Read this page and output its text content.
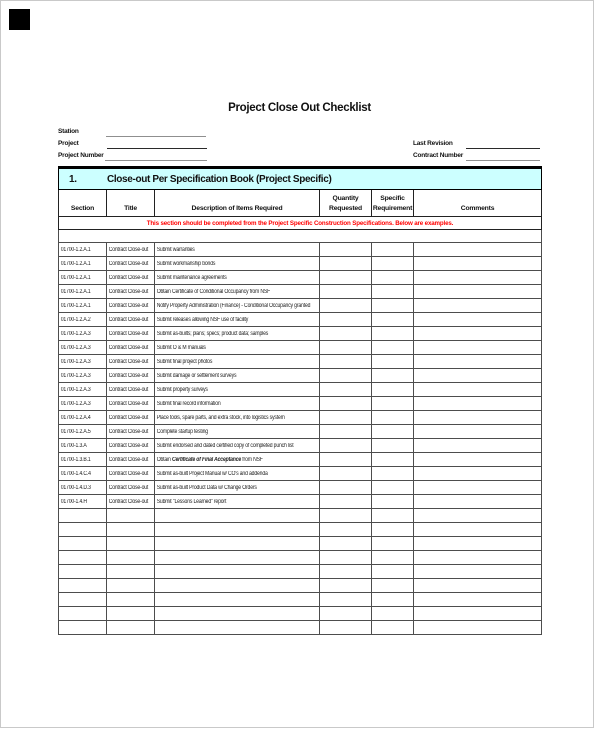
Project Close Out Checklist
Station
Project
Project Number
Last Revision
Contract Number
1. Close-out Per Specification Book (Project Specific)					

Section	Title	Description of Items Required	Quantity Requested	Specific Requirement	Comments
This section should be completed from the Project Specific Construction Specifications. Below are examples.					

01700-1.2.A.1	Contract Close-out	Submit warranties			
01700-1.2.A.1	Contract Close-out	Submit workmanship bonds			
01700-1.2.A.1	Contract Close-out	Submit maintenance agreements			
01700-1.2.A.1	Contract Close-out	Obtain Certificate of Conditional Occupancy from NSF			
01700-1.2.A.1	Contract Close-out	Notify Property Administration (Finance) - Conditional Occupancy granted			
01700-1.2.A.2	Contract Close-out	Submit releases allowing NSF use of facility			
01700-1.2.A.3	Contract Close-out	Submit as-builts; plans; specs; product data; samples			
01700-1.2.A.3	Contract Close-out	Submit O & M manuals			
01700-1.2.A.3	Contract Close-out	Submit final project photos			
01700-1.2.A.3	Contract Close-out	Submit damage or settlement surveys			
01700-1.2.A.3	Contract Close-out	Submit property surveys			
01700-1.2.A.3	Contract Close-out	Submit final record information			
01700-1.2.A.4	Contract Close-out	Place tools, spare parts, and extra stock, into logistics system			
01700-1.2.A.5	Contract Close-out	Complete startup testing			
01700-1.3.A	Contract Close-out	Submit endorsed and dated certified copy of completed punch list			
01700-1.3.B.1	Contract Close-out	Obtain Certificate of Final Acceptance from NSF			
01700-1.4.C.4	Contract Close-out	Submit as-built Project Manual w/ CO's and addenda			
01700-1.4.D.3	Contract Close-out	Submit as-built Product Data w/ Change Orders			
01700-1.4.H	Contract Close-out	Submit "Lessons Learned" report			
